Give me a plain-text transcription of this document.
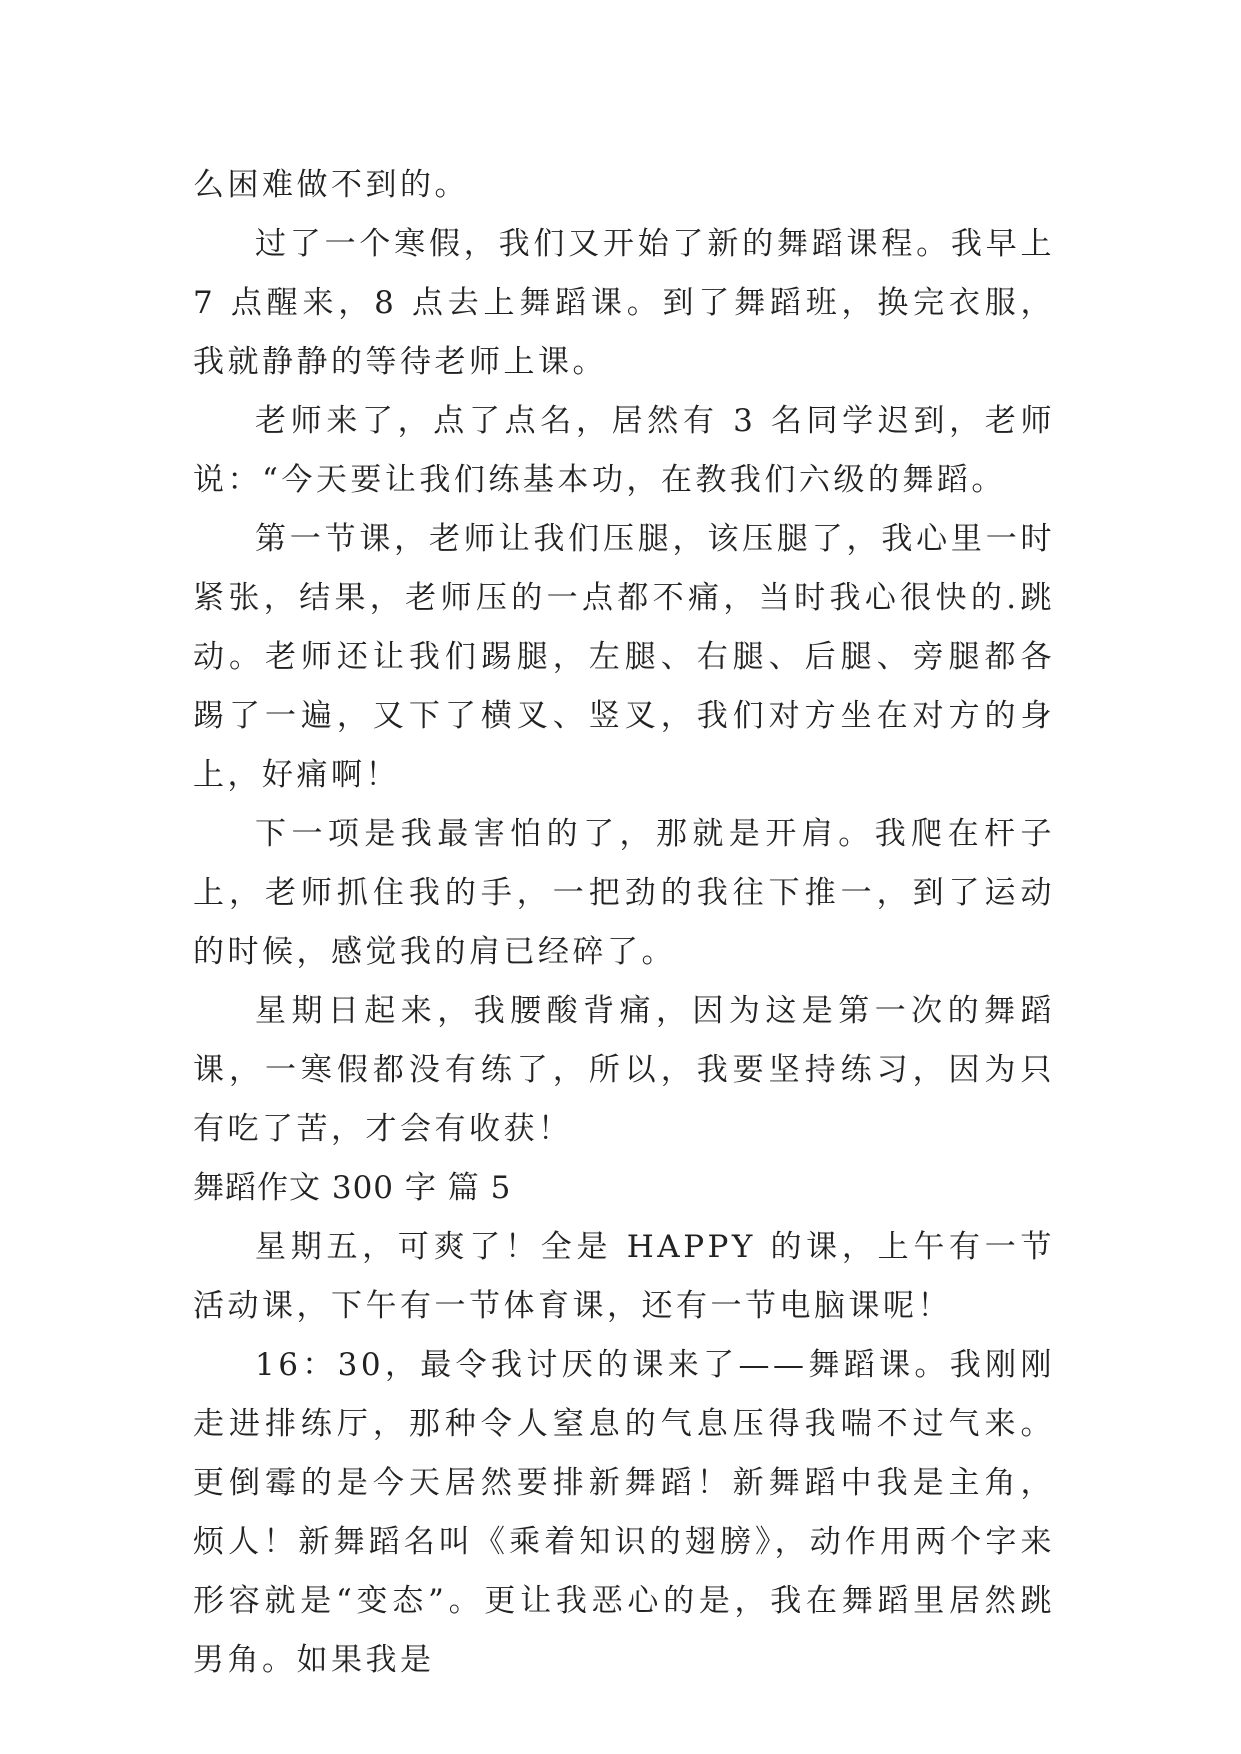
么困难做不到的。

过了一个寒假，我们又开始了新的舞蹈课程。我早上 7 点醒来，8 点去上舞蹈课。到了舞蹈班，换完衣服，我就静静的等待老师上课。

老师来了，点了点名，居然有 3 名同学迟到，老师说：“今天要让我们练基本功，在教我们六级的舞蹈。

第一节课，老师让我们压腿，该压腿了，我心里一时紧张，结果，老师压的一点都不痛，当时我心很快的.跳动。老师还让我们踢腿，左腿、右腿、后腿、旁腿都各踢了一遍，又下了横叉、竖叉，我们对方坐在对方的身上，好痛啊！

下一项是我最害怕的了，那就是开肩。我爬在杆子上，老师抓住我的手，一把劲的我往下推一，到了运动的时候，感觉我的肩已经碎了。

星期日起来，我腰酸背痛，因为这是第一次的舞蹈课，一寒假都没有练了，所以，我要坚持练习，因为只有吃了苦，才会有收获！

舞蹈作文 300 字 篇 5

星期五，可爽了！全是 HAPPY 的课，上午有一节活动课，下午有一节体育课，还有一节电脑课呢！

16：30，最令我讨厌的课来了——舞蹈课。我刚刚走进排练厅，那种令人窒息的气息压得我喘不过气来。更倒霉的是今天居然要排新舞蹈！新舞蹈中我是主角，烦人！新舞蹈名叫《乘着知识的翅膀》，动作用两个字来形容就是“变态”。更让我恶心的是，我在舞蹈里居然跳男角。如果我是
